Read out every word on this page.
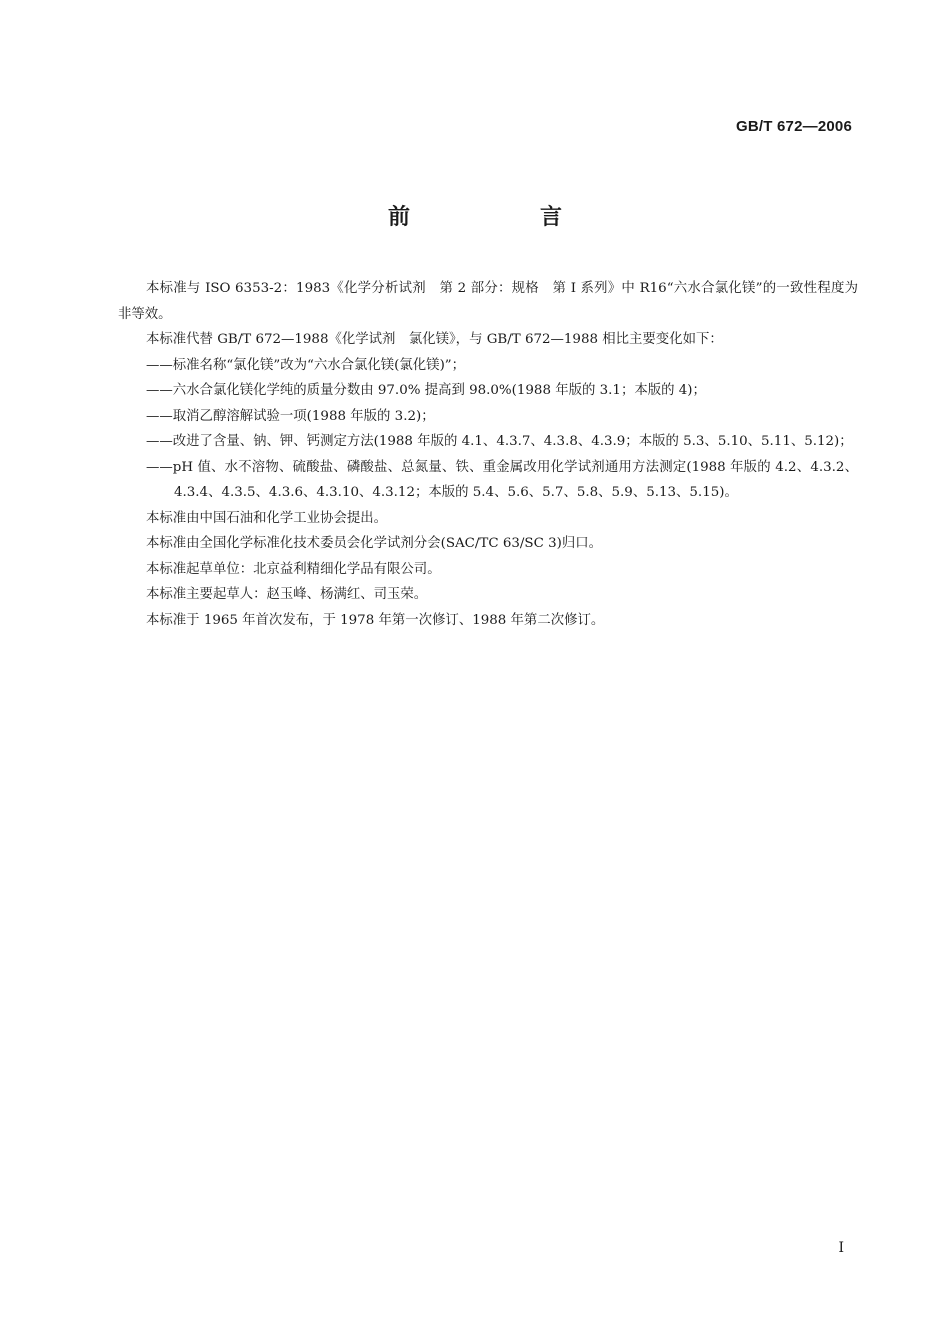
GB/T 672—2006
前　言

本标准与 ISO 6353-2：1983《化学分析试剂　第 2 部分：规格　第 I 系列》中 R16“六水合氯化镁”的一致性程度为非等效。

本标准代替 GB/T 672—1988《化学试剂　氯化镁》，与 GB/T 672—1988 相比主要变化如下：

——标准名称“氯化镁”改为“六水合氯化镁(氯化镁)”；

——六水合氯化镁化学纯的质量分数由 97.0% 提高到 98.0%(1988 年版的 3.1；本版的 4)；

——取消乙醇溶解试验一项(1988 年版的 3.2)；

——改进了含量、钠、钾、钙测定方法(1988 年版的 4.1、4.3.7、4.3.8、4.3.9；本版的 5.3、5.10、5.11、5.12)；

——pH 值、水不溶物、硫酸盐、磷酸盐、总氮量、铁、重金属改用化学试剂通用方法测定(1988 年版的 4.2、4.3.2、4.3.4、4.3.5、4.3.6、4.3.10、4.3.12；本版的 5.4、5.6、5.7、5.8、5.9、5.13、5.15)。

本标准由中国石油和化学工业协会提出。

本标准由全国化学标准化技术委员会化学试剂分会(SAC/TC 63/SC 3)归口。

本标准起草单位：北京益利精细化学品有限公司。

本标准主要起草人：赵玉峰、杨满红、司玉荣。

本标准于 1965 年首次发布，于 1978 年第一次修订、1988 年第二次修订。

I
